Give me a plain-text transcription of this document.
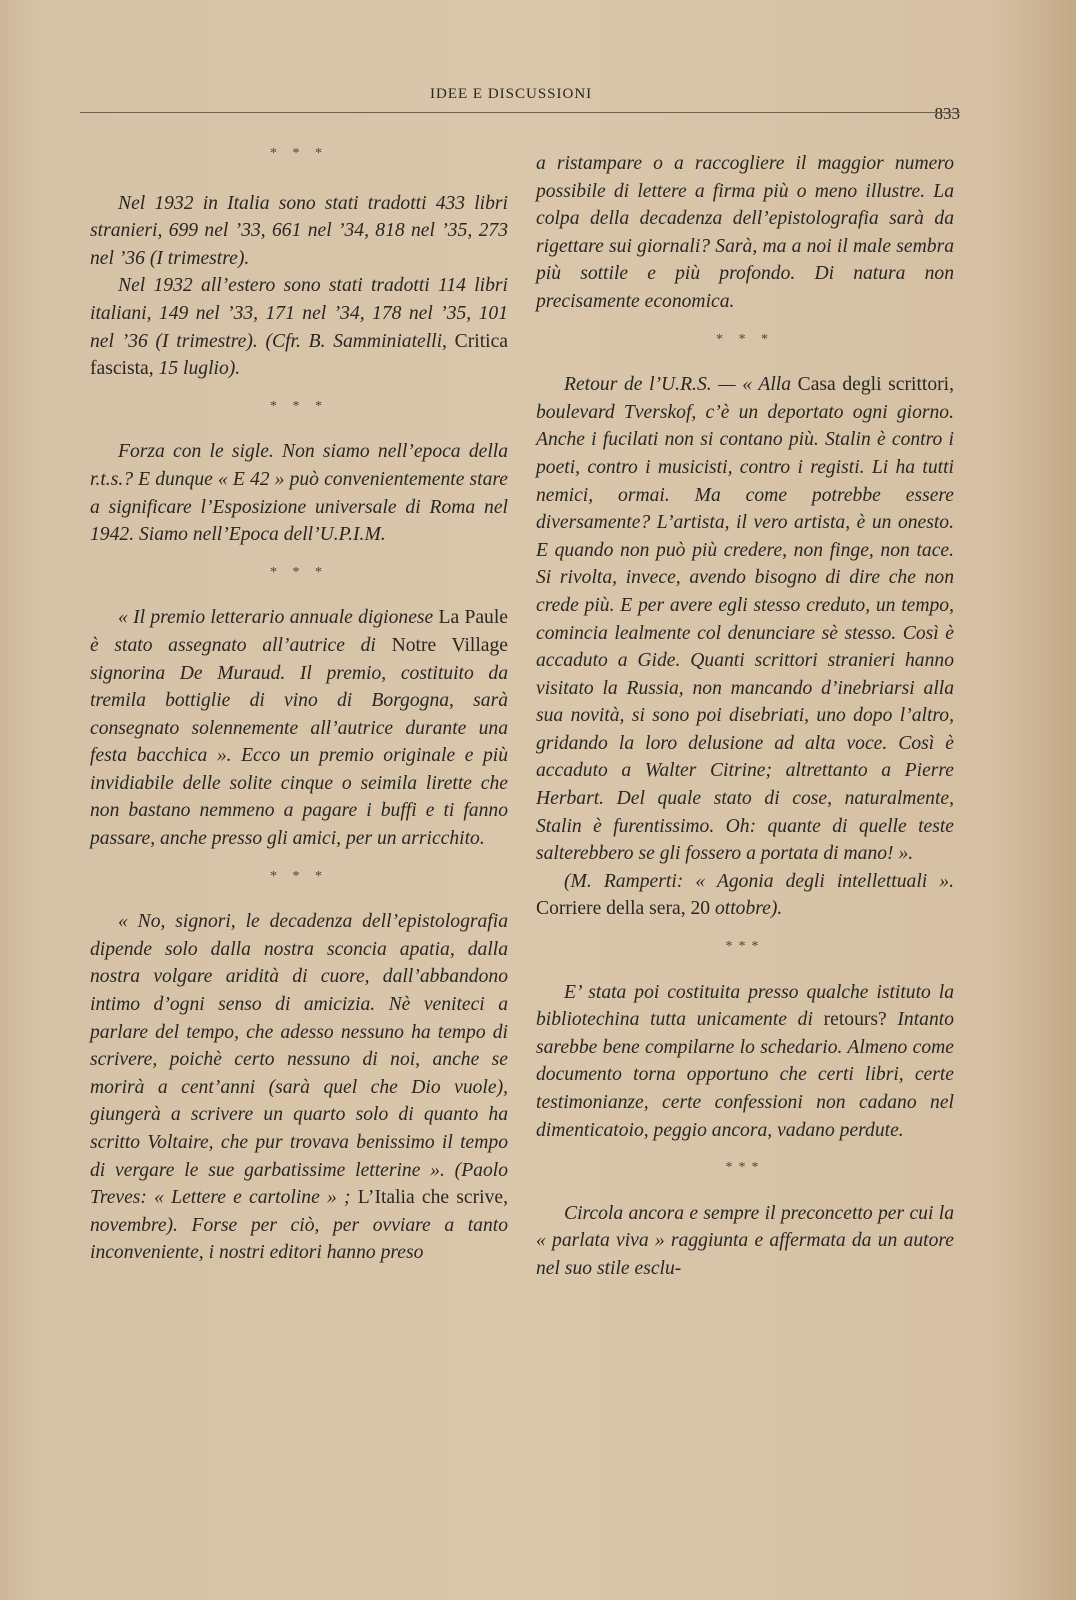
IDEE E DISCUSSIONI
833
* * *

Nel 1932 in Italia sono stati tradotti 433 libri stranieri, 699 nel ’33, 661 nel ’34, 818 nel ’35, 273 nel ’36 (I trimestre).

Nel 1932 all’estero sono stati tradotti 114 libri italiani, 149 nel ’33, 171 nel ’34, 178 nel ’35, 101 nel ’36 (I trimestre). (Cfr. B. Samminiatelli, Critica fascista, 15 luglio).

* * *

Forza con le sigle. Non siamo nell’epoca della r.t.s.? E dunque « E 42 » può convenientemente stare a significare l’Esposizione universale di Roma nel 1942. Siamo nell’Epoca dell’U.P.I.M.

* * *

« Il premio letterario annuale digionese La Paule è stato assegnato all’autrice di Notre Village signorina De Muraud. Il premio, costituito da tremila bottiglie di vino di Borgogna, sarà consegnato solennemente all’autrice durante una festa bacchica ». Ecco un premio originale e più invidiabile delle solite cinque o seimila lirette che non bastano nemmeno a pagare i buffi e ti fanno passare, anche presso gli amici, per un arricchito.

* * *

« No, signori, le decadenza dell’epistolografia dipende solo dalla nostra sconcia apatia, dalla nostra volgare aridità di cuore, dall’abbandono intimo d’ogni senso di amicizia. Nè veniteci a parlare del tempo, che adesso nessuno ha tempo di scrivere, poichè certo nessuno di noi, anche se morirà a cent’anni (sarà quel che Dio vuole), giungerà a scrivere un quarto solo di quanto ha scritto Voltaire, che pur trovava benissimo il tempo di vergare le sue garbatissime letterine ». (Paolo Treves: « Lettere e cartoline » ; L’Italia che scrive, novembre). Forse per ciò, per ovviare a tanto inconveniente, i nostri editori hanno preso

a ristampare o a raccogliere il maggior numero possibile di lettere a firma più o meno illustre. La colpa della decadenza dell’epistolografia sarà da rigettare sui giornali? Sarà, ma a noi il male sembra più sottile e più profondo. Di natura non precisamente economica.

* * *

Retour de l’U.R.S. — « Alla Casa degli scrittori, boulevard Tverskof, c’è un deportato ogni giorno. Anche i fucilati non si contano più. Stalin è contro i poeti, contro i musicisti, contro i registi. Li ha tutti nemici, ormai. Ma come potrebbe essere diversamente? L’artista, il vero artista, è un onesto. E quando non può più credere, non finge, non tace. Si rivolta, invece, avendo bisogno di dire che non crede più. E per avere egli stesso creduto, un tempo, comincia lealmente col denunciare sè stesso. Così è accaduto a Gide. Quanti scrittori stranieri hanno visitato la Russia, non mancando d’inebriarsi alla sua novità, si sono poi disebriati, uno dopo l’altro, gridando la loro delusione ad alta voce. Così è accaduto a Walter Citrine; altrettanto a Pierre Herbart. Del quale stato di cose, naturalmente, Stalin è furentissimo. Oh: quante di quelle teste salterebbero se gli fossero a portata di mano! ».

(M. Ramperti: « Agonia degli intellettuali ». Corriere della sera, 20 ottobre).

***

E’ stata poi costituita presso qualche istituto la bibliotechina tutta unicamente di retours? Intanto sarebbe bene compilarne lo schedario. Almeno come documento torna opportuno che certi libri, certe testimonianze, certe confessioni non cadano nel dimenticatoio, peggio ancora, vadano perdute.

***

Circola ancora e sempre il preconcetto per cui la « parlata viva » raggiunta e affermata da un autore nel suo stile esclu-
